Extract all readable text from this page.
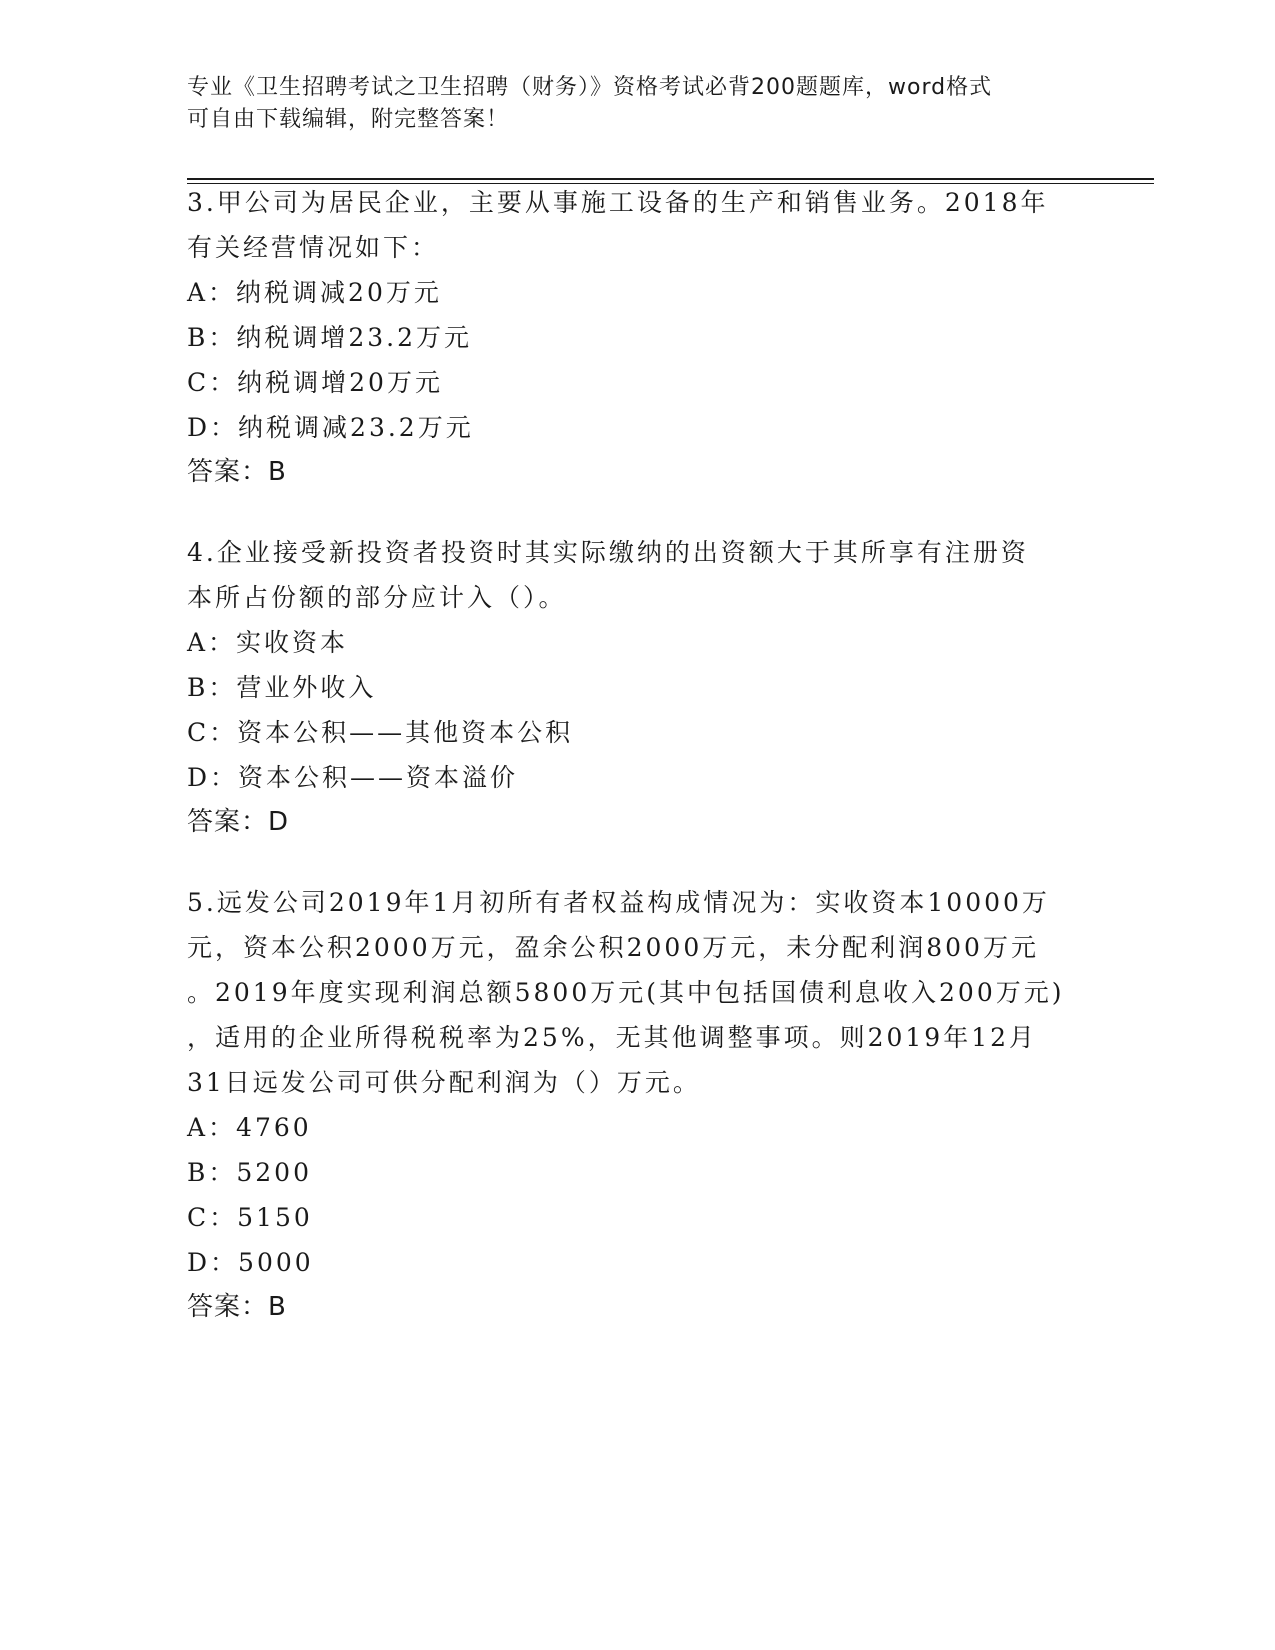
专业《卫生招聘考试之卫生招聘（财务）》资格考试必背200题题库，word格式
可自由下载编辑，附完整答案！

3.甲公司为居民企业，主要从事施工设备的生产和销售业务。2018年

有关经营情况如下：

A：纳税调减20万元

B：纳税调增23.2万元

C：纳税调增20万元

D：纳税调减23.2万元

答案：B

4.企业接受新投资者投资时其实际缴纳的出资额大于其所享有注册资

本所占份额的部分应计入（）。

A：实收资本

B：营业外收入

C：资本公积——其他资本公积

D：资本公积——资本溢价

答案：D

5.远发公司2019年1月初所有者权益构成情况为：实收资本10000万

元，资本公积2000万元，盈余公积2000万元，未分配利润800万元

。2019年度实现利润总额5800万元(其中包括国债利息收入200万元)

，适用的企业所得税税率为25%，无其他调整事项。则2019年12月

31日远发公司可供分配利润为（）万元。

A：4760

B：5200

C：5150

D：5000

答案：B
